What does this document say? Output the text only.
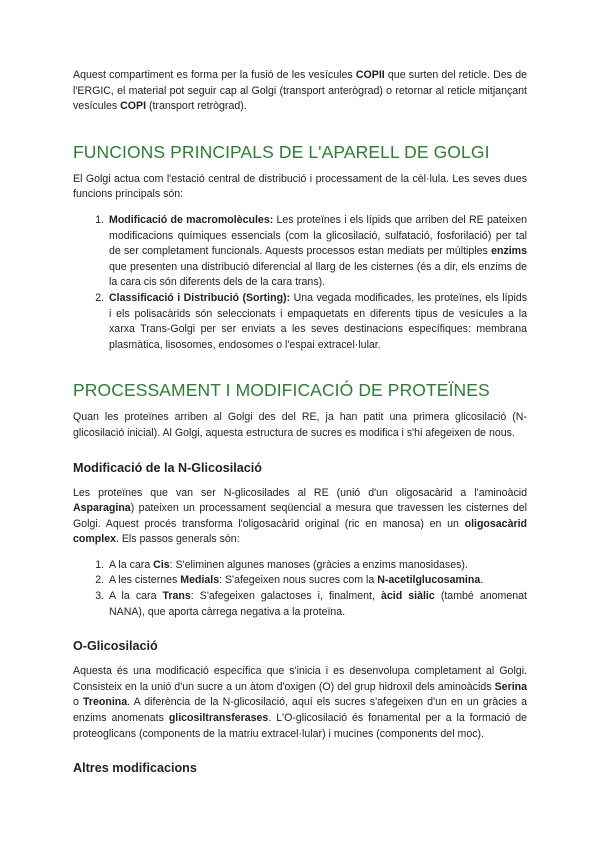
Aquest compartiment es forma per la fusió de les vesícules COPII que surten del reticle. Des de l'ERGIC, el material pot seguir cap al Golgi (transport anterògrad) o retornar al reticle mitjançant vesícules COPI (transport retrògrad).

FUNCIONS PRINCIPALS DE L'APARELL DE GOLGI

El Golgi actua com l'estació central de distribució i processament de la cèl·lula. Les seves dues funcions principals són:

1. Modificació de macromolècules: Les proteïnes i els lípids que arriben del RE pateixen modificacions químiques essencials (com la glicosilació, sulfatació, fosforilació) per tal de ser completament funcionals. Aquests processos estan mediats per múltiples enzims que presenten una distribució diferencial al llarg de les cisternes (és a dir, els enzims de la cara cis són diferents dels de la cara trans).
2. Classificació i Distribució (Sorting): Una vegada modificades, les proteïnes, els lípids i els polisacàrids són seleccionats i empaquetats en diferents tipus de vesícules a la xarxa Trans-Golgi per ser enviats a les seves destinacions específiques: membrana plasmàtica, lisosomes, endosomes o l'espai extracel·lular.
PROCESSAMENT I MODIFICACIÓ DE PROTEÏNES

Quan les proteïnes arriben al Golgi des del RE, ja han patit una primera glicosilació (N-glicosilació inicial). Al Golgi, aquesta estructura de sucres es modifica i s'hi afegeixen de nous.

Modificació de la N-Glicosilació

Les proteïnes que van ser N-glicosilades al RE (unió d'un oligosacàrid a l'aminoàcid Asparagina) pateixen un processament seqüencial a mesura que travessen les cisternes del Golgi. Aquest procés transforma l'oligosacàrid original (ric en manosa) en un oligosacàrid complex. Els passos generals són:

1. A la cara Cis: S'eliminen algunes manoses (gràcies a enzims manosidases).
2. A les cisternes Medials: S'afegeixen nous sucres com la N-acetilglucosamina.
3. A la cara Trans: S'afegeixen galactoses i, finalment, àcid siàlic (també anomenat NANA), que aporta càrrega negativa a la proteïna.
O-Glicosilació

Aquesta és una modificació específica que s'inicia i es desenvolupa completament al Golgi. Consisteix en la unió d'un sucre a un àtom d'oxigen (O) del grup hidroxil dels aminoàcids Serina o Treonina. A diferència de la N-glicosilació, aquí els sucres s'afegeixen d'un en un gràcies a enzims anomenats glicosiltransferases. L'O-glicosilació és fonamental per a la formació de proteoglicans (components de la matriu extracel·lular) i mucines (components del moc).

Altres modificacions
